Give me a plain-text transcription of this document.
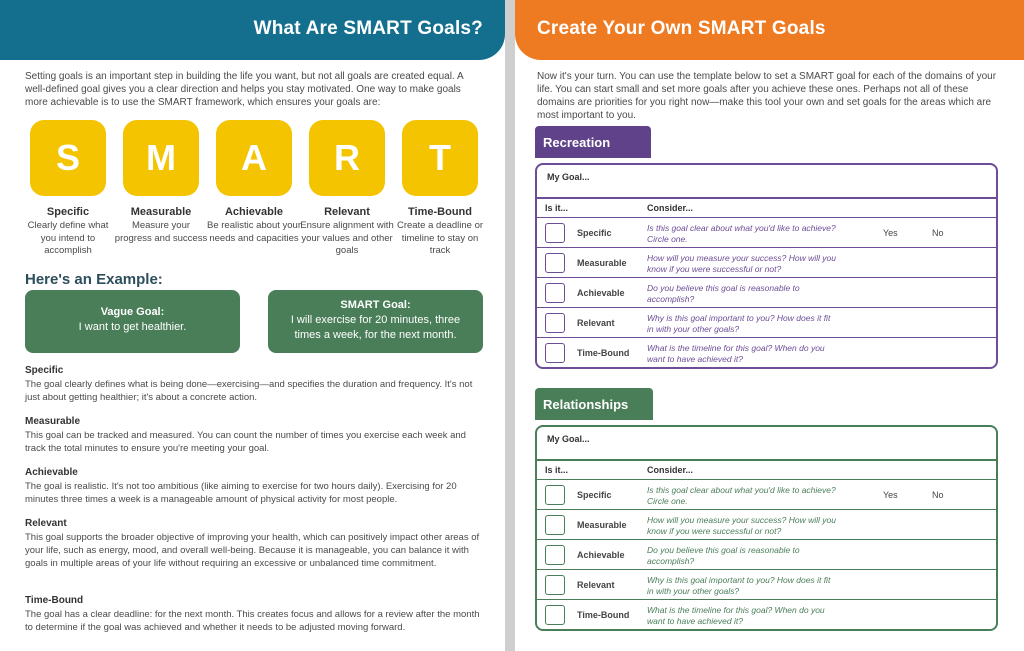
What Are SMART Goals?

Setting goals is an important step in building the life you want, but not all goals are created equal. A well-defined goal gives you a clear direction and helps you stay motivated. One way to make goals more achievable is to use the SMART framework, which ensures your goals are:

S M A R T
Specific	Measurable	Achievable	Relevant	Time-Bound
Clearly define what you intend to accomplish
Measure your progress and success
Be realistic about your needs and capacities
Ensure alignment with your values and other goals
Create a deadline or timeline to stay on track
Here's an Example:
Vague Goal:
I want to get healthier.
SMART Goal:
I will exercise for 20 minutes, three times a week, for the next month.
Specific
The goal clearly defines what is being done—exercising—and specifies the duration and frequency. It's not just about getting healthier; it's about a concrete action.
Measurable
This goal can be tracked and measured. You can count the number of times you exercise each week and track the total minutes to ensure you're meeting your goal.
Achievable
The goal is realistic. It's not too ambitious (like aiming to exercise for two hours daily). Exercising for 20 minutes three times a week is a manageable amount of physical activity for most people.
Relevant
This goal supports the broader objective of improving your health, which can positively impact other areas of your life, such as energy, mood, and overall well-being. Because it is manageable, you can balance it with goals in multiple areas of your life without requiring an excessive or unbalanced time commitment.
Time-Bound
The goal has a clear deadline: for the next month. This creates focus and allows for a review after the month to determine if the goal was achieved and whether it needs to be adjusted moving forward.
Create Your Own SMART Goals

Now it's your turn. You can use the template below to set a SMART goal for each of the domains of your life. You can start small and set more goals after you achieve these ones. Perhaps not all of these domains are priorities for you right now—make this tool your own and set goals for the areas which are most important to you.

Recreation
My Goal...
Is it...	Consider...
Specific	Is this goal clear about what you'd like to achieve? Circle one.
Yes	No
Measurable How will you measure your success? How will you know if you were successful or not?
Achievable	Do you believe this goal is reasonable to accomplish?
Relevant	Why is this goal important to you? How does it fit in with your other goals?
Time-Bound What is the timeline for this goal? When do you want to have achieved it?
Relationships
My Goal...
Is it...	Consider...
Specific	Is this goal clear about what you'd like to achieve? Circle one.
Yes	No
Measurable How will you measure your success? How will you know if you were successful or not?
Achievable	Do you believe this goal is reasonable to accomplish?
Relevant	Why is this goal important to you? How does it fit in with your other goals?
Time-Bound What is the timeline for this goal? When do you want to have achieved it?
